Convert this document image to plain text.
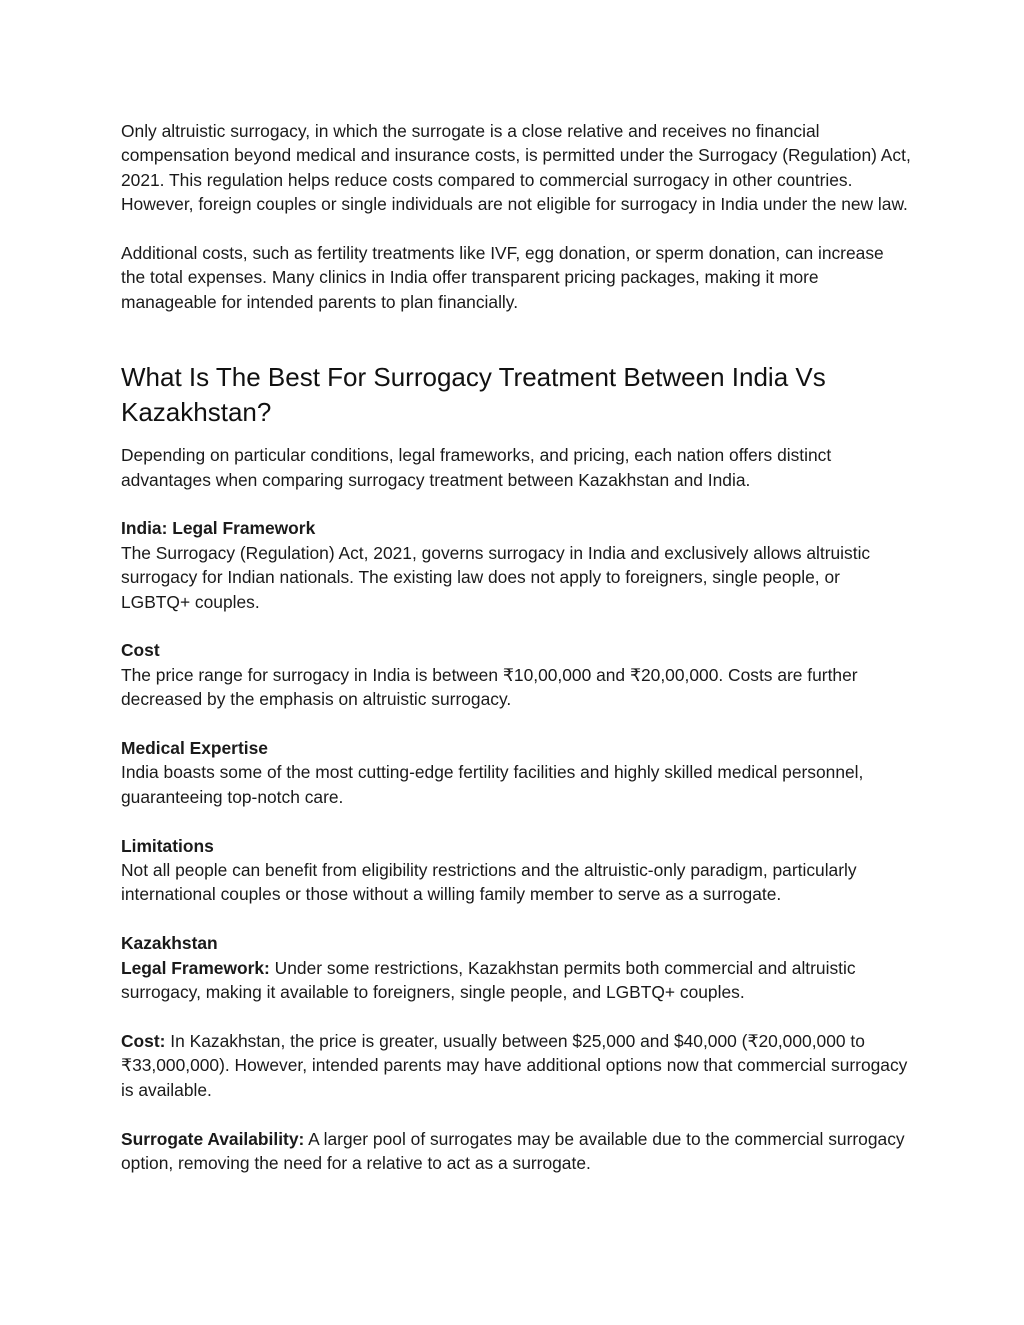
Only altruistic surrogacy, in which the surrogate is a close relative and receives no financial compensation beyond medical and insurance costs, is permitted under the Surrogacy (Regulation) Act, 2021. This regulation helps reduce costs compared to commercial surrogacy in other countries. However, foreign couples or single individuals are not eligible for surrogacy in India under the new law.

Additional costs, such as fertility treatments like IVF, egg donation, or sperm donation, can increase the total expenses. Many clinics in India offer transparent pricing packages, making it more manageable for intended parents to plan financially.

What Is The Best For Surrogacy Treatment Between India Vs Kazakhstan?

Depending on particular conditions, legal frameworks, and pricing, each nation offers distinct advantages when comparing surrogacy treatment between Kazakhstan and India.

India: Legal Framework

The Surrogacy (Regulation) Act, 2021, governs surrogacy in India and exclusively allows altruistic surrogacy for Indian nationals. The existing law does not apply to foreigners, single people, or LGBTQ+ couples.

Cost

The price range for surrogacy in India is between ₹10,00,000 and ₹20,00,000. Costs are further decreased by the emphasis on altruistic surrogacy.

Medical Expertise

India boasts some of the most cutting-edge fertility facilities and highly skilled medical personnel, guaranteeing top-notch care.

Limitations

Not all people can benefit from eligibility restrictions and the altruistic-only paradigm, particularly international couples or those without a willing family member to serve as a surrogate.

Kazakhstan

Legal Framework: Under some restrictions, Kazakhstan permits both commercial and altruistic surrogacy, making it available to foreigners, single people, and LGBTQ+ couples.

Cost: In Kazakhstan, the price is greater, usually between $25,000 and $40,000 (₹20,000,000 to ₹33,000,000). However, intended parents may have additional options now that commercial surrogacy is available.

Surrogate Availability: A larger pool of surrogates may be available due to the commercial surrogacy option, removing the need for a relative to act as a surrogate.
